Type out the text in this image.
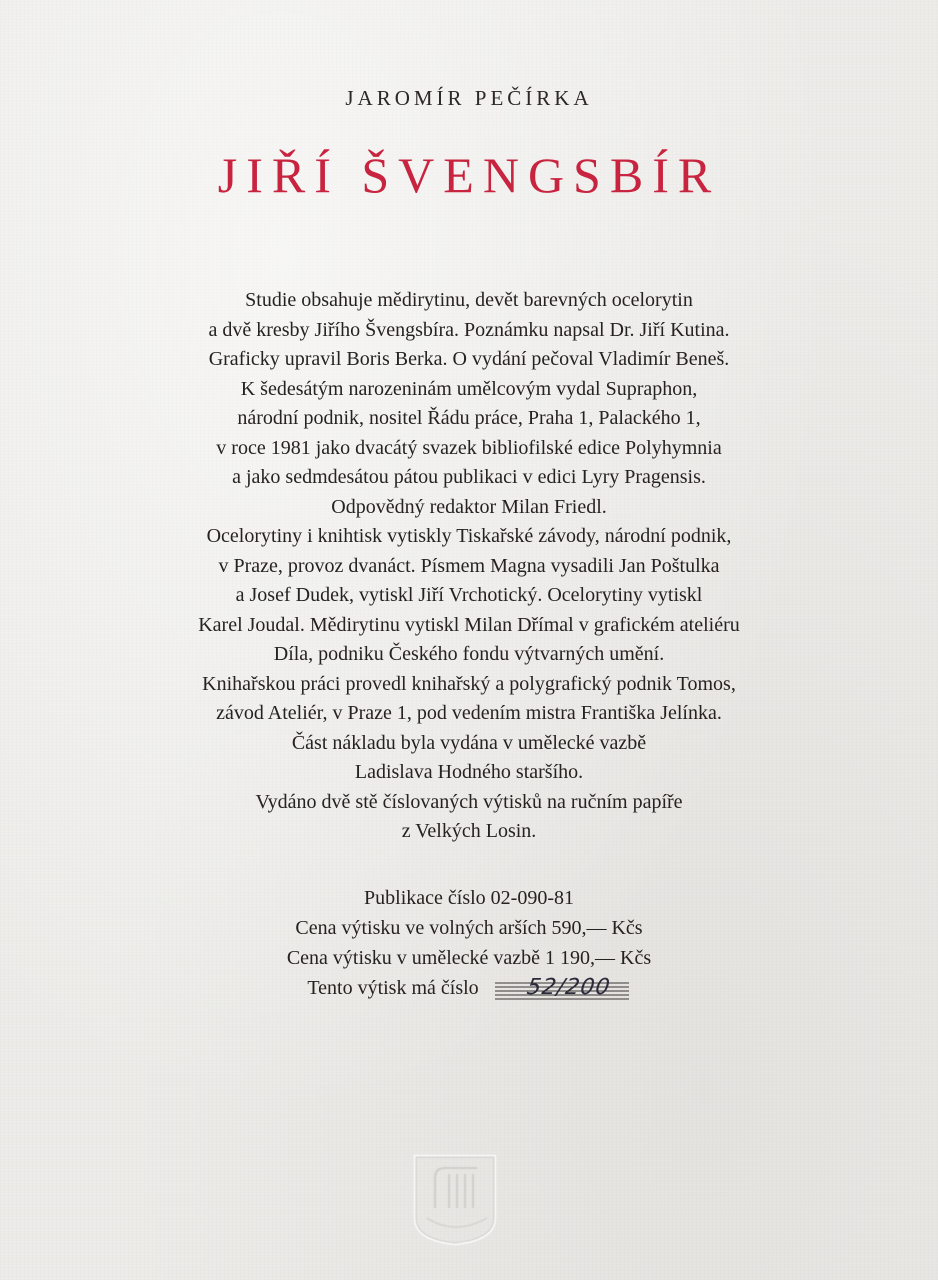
JAROMÍR PEČÍRKA
JIŘÍ ŠVENGSBÍR
Studie obsahuje mědirytinu, devět barevných ocelorytin
a dvě kresby Jiřího Švengsbíra. Poznámku napsal Dr. Jiří Kutina.
Graficky upravil Boris Berka. O vydání pečoval Vladimír Beneš.
K šedesátým narozeninám umělcovým vydal Supraphon,
národní podnik, nositel Řádu práce, Praha 1, Palackého 1,
v roce 1981 jako dvacátý svazek bibliofilské edice Polyhymnia
a jako sedmdesátou pátou publikaci v edici Lyry Pragensis.
Odpovědný redaktor Milan Friedl.
Ocelorytiny i knihtisk vytiskly Tiskařské závody, národní podnik,
v Praze, provoz dvanáct. Písmem Magna vysadili Jan Poštulka
a Josef Dudek, vytiskl Jiří Vrchotický. Ocelorytiny vytiskl
Karel Joudal. Mědirytinu vytiskl Milan Dřímal v grafickém ateliéru
Díla, podniku Českého fondu výtvarných umění.
Knihařskou práci provedl knihařský a polygrafický podnik Tomos,
závod Ateliér, v Praze 1, pod vedením mistra Františka Jelínka.
Část nákladu byla vydána v umělecké vazbě
Ladislava Hodného staršího.
Vydáno dvě stě číslovaných výtisků na ručním papíře
z Velkých Losin.
Publikace číslo 02-090-81
Cena výtisku ve volných arších 590,— Kčs
Cena výtisku v umělecké vazbě 1 190,— Kčs
Tento výtisk má číslo 52/200
